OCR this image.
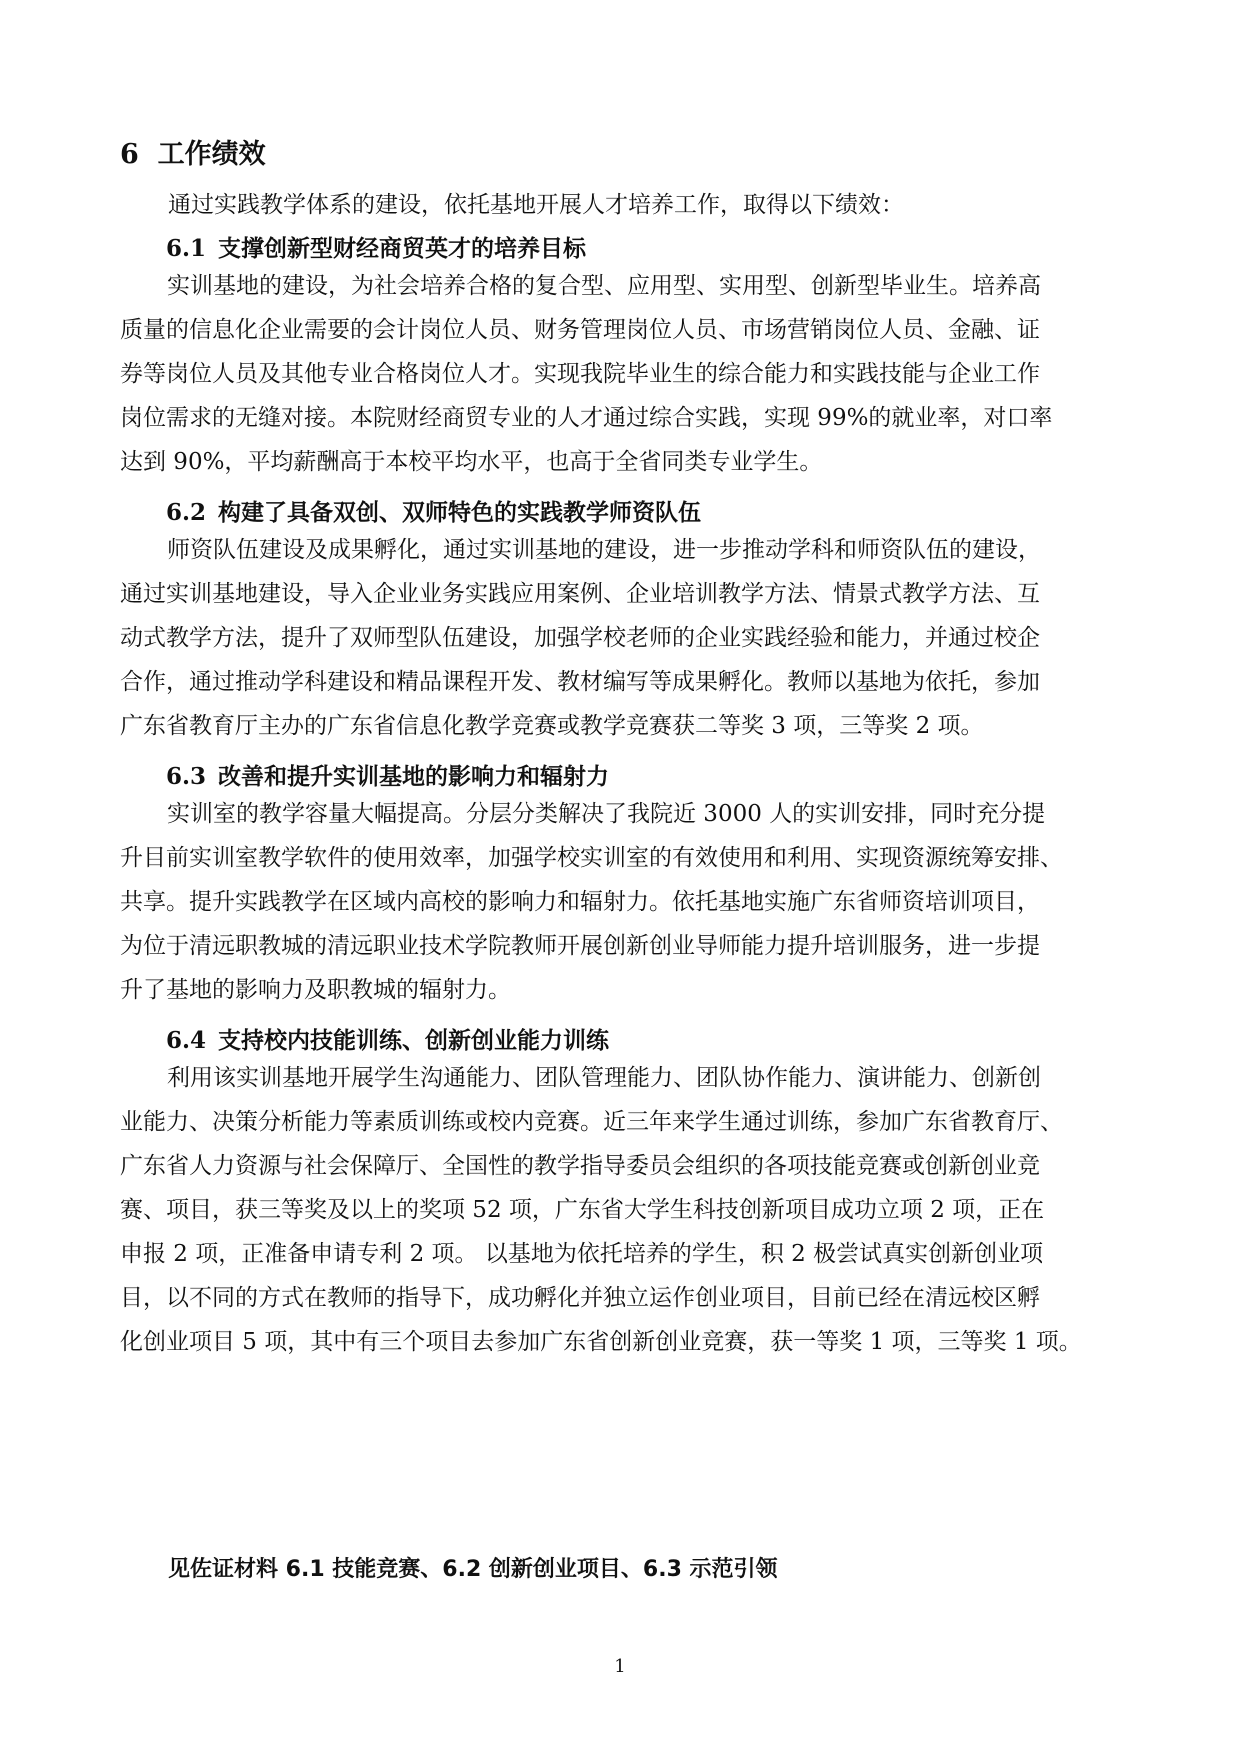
6 工作绩效
通过实践教学体系的建设，依托基地开展人才培养工作，取得以下绩效：
6.1 支撑创新型财经商贸英才的培养目标
实训基地的建设，为社会培养合格的复合型、应用型、实用型、创新型毕业生。培养高
质量的信息化企业需要的会计岗位人员、财务管理岗位人员、市场营销岗位人员、金融、证
券等岗位人员及其他专业合格岗位人才。实现我院毕业生的综合能力和实践技能与企业工作
岗位需求的无缝对接。本院财经商贸专业的人才通过综合实践，实现 99%的就业率，对口率
达到 90%，平均薪酬高于本校平均水平，也高于全省同类专业学生。
6.2 构建了具备双创、双师特色的实践教学师资队伍
师资队伍建设及成果孵化，通过实训基地的建设，进一步推动学科和师资队伍的建设，
通过实训基地建设，导入企业业务实践应用案例、企业培训教学方法、情景式教学方法、互
动式教学方法，提升了双师型队伍建设，加强学校老师的企业实践经验和能力，并通过校企
合作，通过推动学科建设和精品课程开发、教材编写等成果孵化。教师以基地为依托，参加
广东省教育厅主办的广东省信息化教学竞赛或教学竞赛获二等奖 3 项，三等奖 2 项。
6.3 改善和提升实训基地的影响力和辐射力
实训室的教学容量大幅提高。分层分类解决了我院近 3000 人的实训安排，同时充分提
升目前实训室教学软件的使用效率，加强学校实训室的有效使用和利用、实现资源统筹安排、
共享。提升实践教学在区域内高校的影响力和辐射力。依托基地实施广东省师资培训项目，
为位于清远职教城的清远职业技术学院教师开展创新创业导师能力提升培训服务，进一步提
升了基地的影响力及职教城的辐射力。
6.4 支持校内技能训练、创新创业能力训练
利用该实训基地开展学生沟通能力、团队管理能力、团队协作能力、演讲能力、创新创
业能力、决策分析能力等素质训练或校内竞赛。近三年来学生通过训练，参加广东省教育厅、
广东省人力资源与社会保障厅、全国性的教学指导委员会组织的各项技能竞赛或创新创业竞
赛、项目，获三等奖及以上的奖项 52 项，广东省大学生科技创新项目成功立项 2 项，正在
申报 2 项，正准备申请专利 2 项。 以基地为依托培养的学生，积 2 极尝试真实创新创业项
目，以不同的方式在教师的指导下，成功孵化并独立运作创业项目，目前已经在清远校区孵
化创业项目 5 项，其中有三个项目去参加广东省创新创业竞赛，获一等奖 1 项，三等奖 1 项。
见佐证材料 6.1 技能竞赛、6.2 创新创业项目、6.3 示范引领
1
